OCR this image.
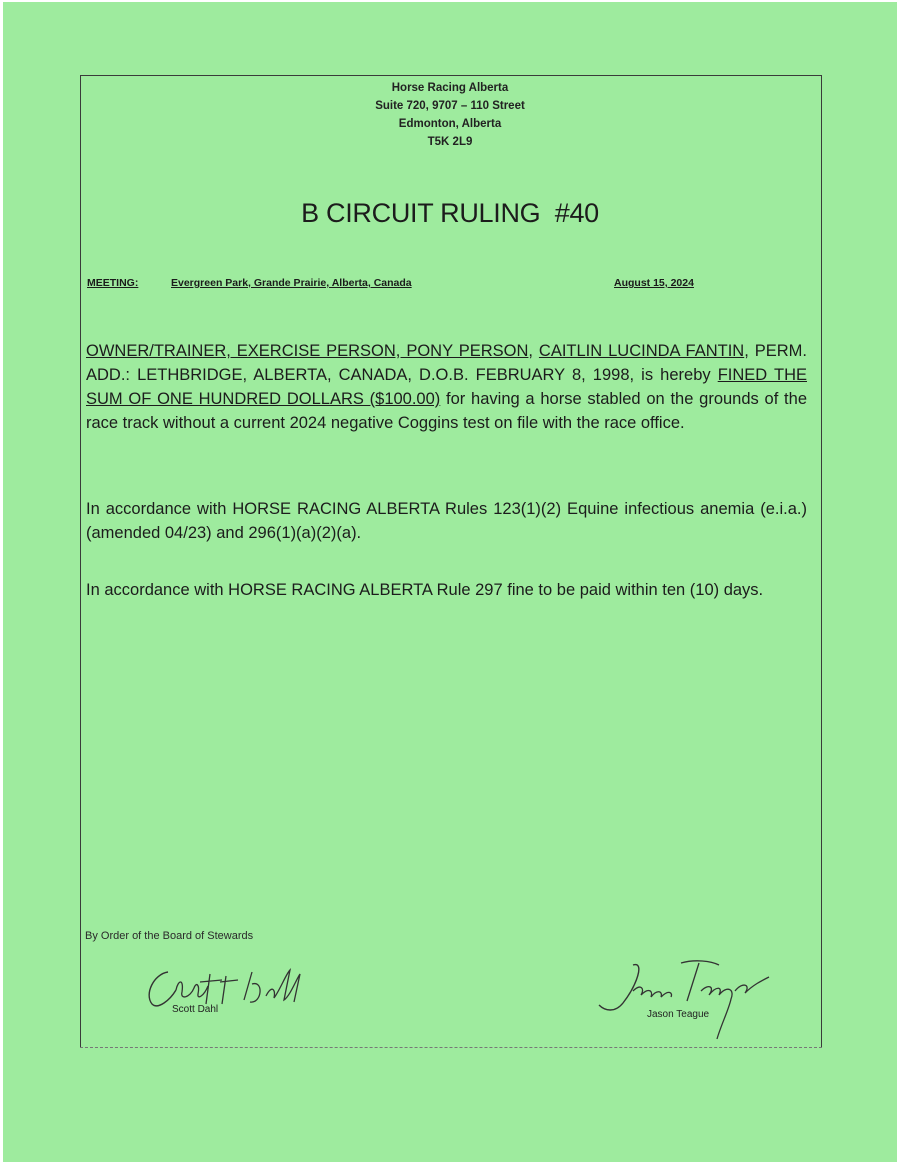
Horse Racing Alberta
Suite 720, 9707 – 110 Street
Edmonton, Alberta
T5K 2L9
B CIRCUIT RULING  #40
MEETING:	Evergreen Park, Grande Prairie, Alberta, Canada	August 15, 2024
OWNER/TRAINER, EXERCISE PERSON, PONY PERSON, CAITLIN LUCINDA FANTIN, PERM. ADD.: LETHBRIDGE, ALBERTA, CANADA, D.O.B. FEBRUARY 8, 1998, is hereby FINED THE SUM OF ONE HUNDRED DOLLARS ($100.00) for having a horse stabled on the grounds of the race track without a current 2024 negative Coggins test on file with the race office.
In accordance with HORSE RACING ALBERTA Rules 123(1)(2) Equine infectious anemia (e.i.a.) (amended 04/23) and 296(1)(a)(2)(a).
In accordance with HORSE RACING ALBERTA Rule 297 fine to be paid within ten (10) days.
By Order of the Board of Stewards
Scott Dahl	Jason Teague
